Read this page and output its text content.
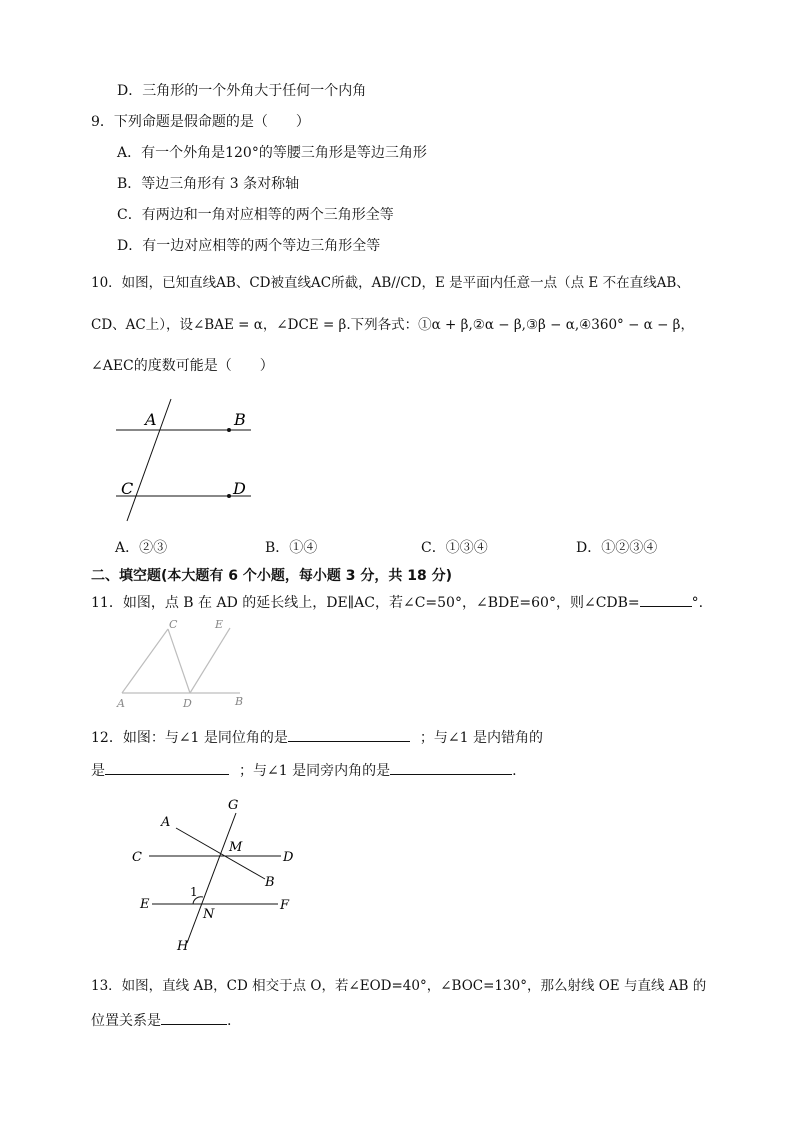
D．三角形的一个外角大于任何一个内角
9．下列命题是假命题的是（　　）
A．有一个外角是120°的等腰三角形是等边三角形
B．等边三角形有 3 条对称轴
C．有两边和一角对应相等的两个三角形全等
D．有一边对应相等的两个等边三角形全等
10．如图，已知直线AB、CD被直线AC所截，AB//CD，E 是平面内任意一点（点 E 不在直线AB、
CD、AC上），设∠BAE = α，∠DCE = β.下列各式：①α + β,②α − β,③β − α,④360° − α − β，
∠AEC的度数可能是（　　）
A	B
C	D
A．②③	B．①④	C．①③④	D．①②③④
二、填空题(本大题有 6 个小题，每小题 3 分，共 18 分)
11．如图，点 B 在 AD 的延长线上，DE∥AC，若∠C=50°，∠BDE=60°，则∠CDB=	°.
A
C
D
E
B
12．如图：与∠1 是同位角的是	；与∠1 是内错角的
是	；与∠1 是同旁内角的是	.
G
A
C
M
D
B
1
E
N
F
H
13．如图，直线 AB，CD 相交于点 O，若∠EOD=40°，∠BOC=130°，那么射线 OE 与直线 AB 的
位置关系是	.
